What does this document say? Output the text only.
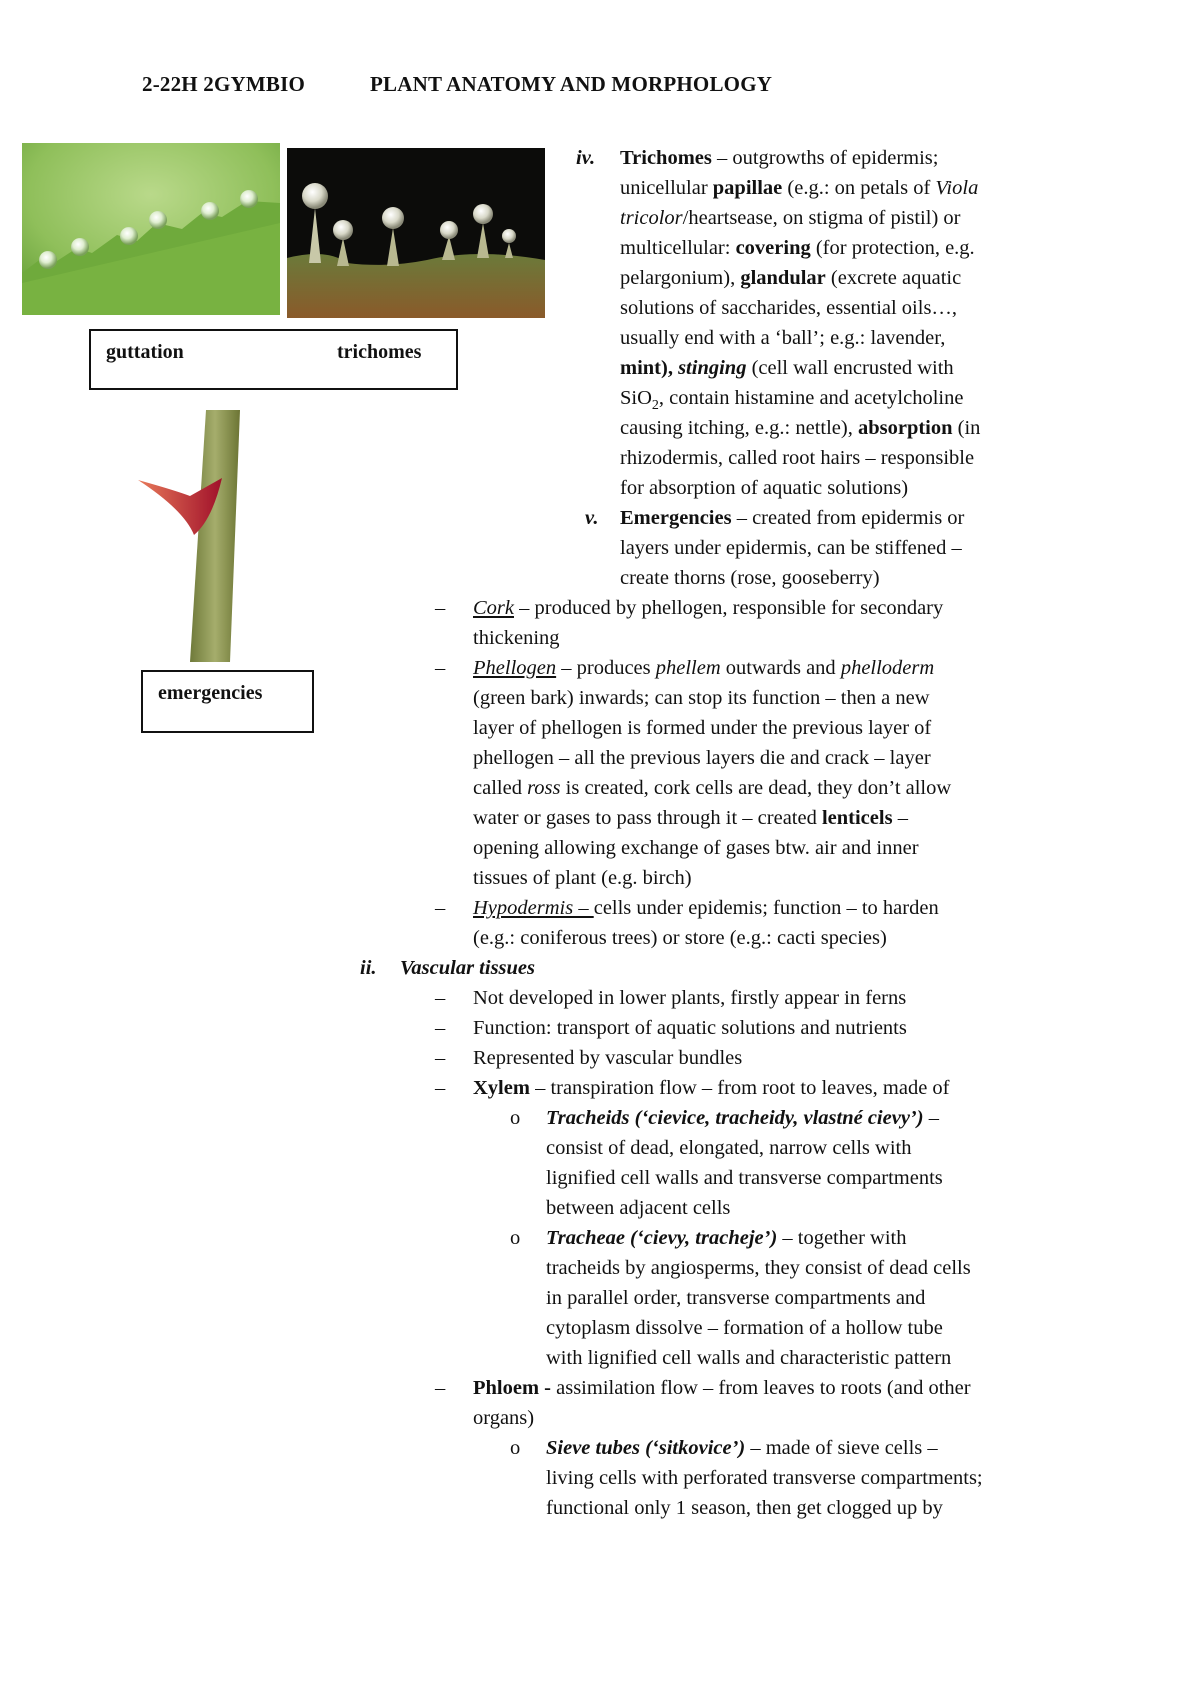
2-22H 2GYMBIO	PLANT ANATOMY AND MORPHOLOGY
guttation	trichomes
emergencies
iv. Trichomes – outgrowths of epidermis;
unicellular papillae (e.g.: on petals of Viola
tricolor/heartsease, on stigma of pistil) or
multicellular: covering (for protection, e.g.
pelargonium), glandular (excrete aquatic
solutions of saccharides, essential oils…,
usually end with a ‘ball’; e.g.: lavender,
mint), stinging (cell wall encrusted with
SiO$_2$, contain histamine and acetylcholine
causing itching, e.g.: nettle), absorption (in
rhizodermis, called root hairs – responsible
for absorption of aquatic solutions)
v. Emergencies – created from epidermis or
layers under epidermis, can be stiffened –
create thorns (rose, gooseberry)
– Cork – produced by phellogen, responsible for secondary
thickening
– Phellogen – produces phellem outwards and phelloderm
(green bark) inwards; can stop its function – then a new
layer of phellogen is formed under the previous layer of
phellogen – all the previous layers die and crack – layer
called ross is created, cork cells are dead, they don’t allow
water or gases to pass through it – created lenticels –
opening allowing exchange of gases btw. air and inner
tissues of plant (e.g. birch)
– Hypodermis – cells under epidemis; function – to harden
(e.g.: coniferous trees) or store (e.g.: cacti species)
ii. Vascular tissues
– Not developed in lower plants, firstly appear in ferns
– Function: transport of aquatic solutions and nutrients
– Represented by vascular bundles
– Xylem – transpiration flow – from root to leaves, made of
o Tracheids (‘cievice, tracheidy, vlastné cievy’) –
consist of dead, elongated, narrow cells with
lignified cell walls and transverse compartments
between adjacent cells
o Tracheae (‘cievy, tracheje’) – together with
tracheids by angiosperms, they consist of dead cells
in parallel order, transverse compartments and
cytoplasm dissolve – formation of a hollow tube
with lignified cell walls and characteristic pattern
– Phloem - assimilation flow – from leaves to roots (and other
organs)
o Sieve tubes (‘sitkovice’) – made of sieve cells –
living cells with perforated transverse compartments;
functional only 1 season, then get clogged up by
